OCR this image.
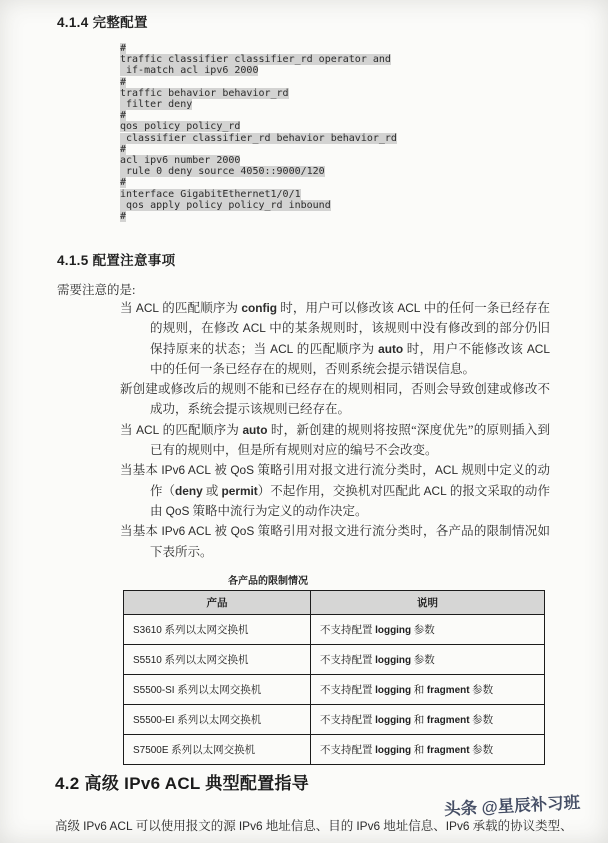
4.1.4 完整配置
#
traffic classifier classifier_rd operator and
if-match acl ipv6 2000
#
traffic behavior behavior_rd
filter deny
#
qos policy policy_rd
classifier classifier_rd behavior behavior_rd
#
acl ipv6 number 2000
rule 0 deny source 4050::9000/120
#
interface GigabitEthernet1/0/1
qos apply policy policy_rd inbound
#
4.1.5 配置注意事项
需要注意的是:
当 ACL 的匹配顺序为 config 时，用户可以修改该 ACL 中的任何一条已经存在的规则，在修改 ACL 中的某条规则时，该规则中没有修改到的部分仍旧保持原来的状态；当 ACL 的匹配顺序为 auto 时，用户不能修改该 ACL 中的任何一条已经存在的规则，否则系统会提示错误信息。
新创建或修改后的规则不能和已经存在的规则相同，否则会导致创建或修改不成功，系统会提示该规则已经存在。
当 ACL 的匹配顺序为 auto 时，新创建的规则将按照“深度优先”的原则插入到已有的规则中，但是所有规则对应的编号不会改变。
当基本 IPv6 ACL 被 QoS 策略引用对报文进行流分类时，ACL 规则中定义的动作（deny 或 permit）不起作用，交换机对匹配此 ACL 的报文采取的动作由 QoS 策略中流行为定义的动作决定。
当基本 IPv6 ACL 被 QoS 策略引用对报文进行流分类时，各产品的限制情况如下表所示。
各产品的限制情况
产品	说明
S3610 系列以太网交换机	不支持配置 logging 参数
S5510 系列以太网交换机	不支持配置 logging 参数
S5500-SI 系列以太网交换机	不支持配置 logging 和 fragment 参数
S5500-EI 系列以太网交换机	不支持配置 logging 和 fragment 参数
S7500E 系列以太网交换机	不支持配置 logging 和 fragment 参数
4.2 高级 IPv6 ACL 典型配置指导
高级 IPv6 ACL 可以使用报文的源 IPv6 地址信息、目的 IPv6 地址信息、IPv6 承载的协议类型、
头条 @星辰补习班
